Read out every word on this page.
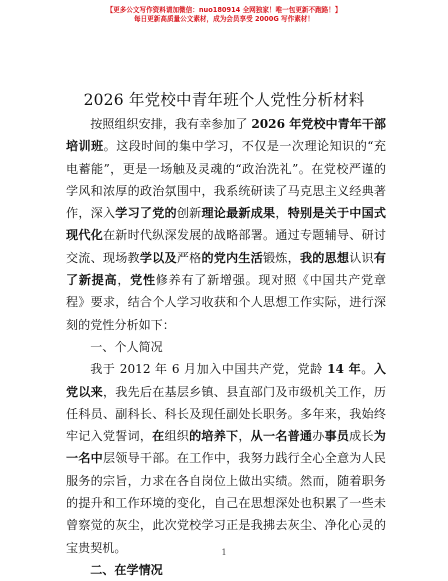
【更多公文写作资料请加微信：nuo180914 全网独家！唯一包更新不跑路！】
每日更新高质量公文素材，成为会员享受 2000G 写作素材！
2026 年党校中青年班个人党性分析材料

按照组织安排，我有幸参加了 2026 年党校中青年干部培训班。这段时间的集中学习，不仅是一次理论知识的“充电蓄能”，更是一场触及灵魂的“政治洗礼”。在党校严谨的学风和浓厚的政治氛围中，我系统研读了马克思主义经典著作，深入学习了党的创新理论最新成果，特别是关于中国式现代化在新时代纵深发展的战略部署。通过专题辅导、研讨交流、现场教学以及严格的党内生活锻炼，我的思想认识有了新提高，党性修养有了新增强。现对照《中国共产党章程》要求，结合个人学习收获和个人思想工作实际，进行深刻的党性分析如下：

一、个人简况

我于 2012 年 6 月加入中国共产党，党龄 14 年。入党以来，我先后在基层乡镇、县直部门及市级机关工作，历任科员、副科长、科长及现任副处长职务。多年来，我始终牢记入党誓词，在组织的培养下，从一名普通办事员成长为一名中层领导干部。在工作中，我努力践行全心全意为人民服务的宗旨，力求在各自岗位上做出实绩。然而，随着职务的提升和工作环境的变化，自己在思想深处也积累了一些未曾察觉的灰尘，此次党校学习正是我拂去灰尘、净化心灵的宝贵契机。

二、在学情况

1
